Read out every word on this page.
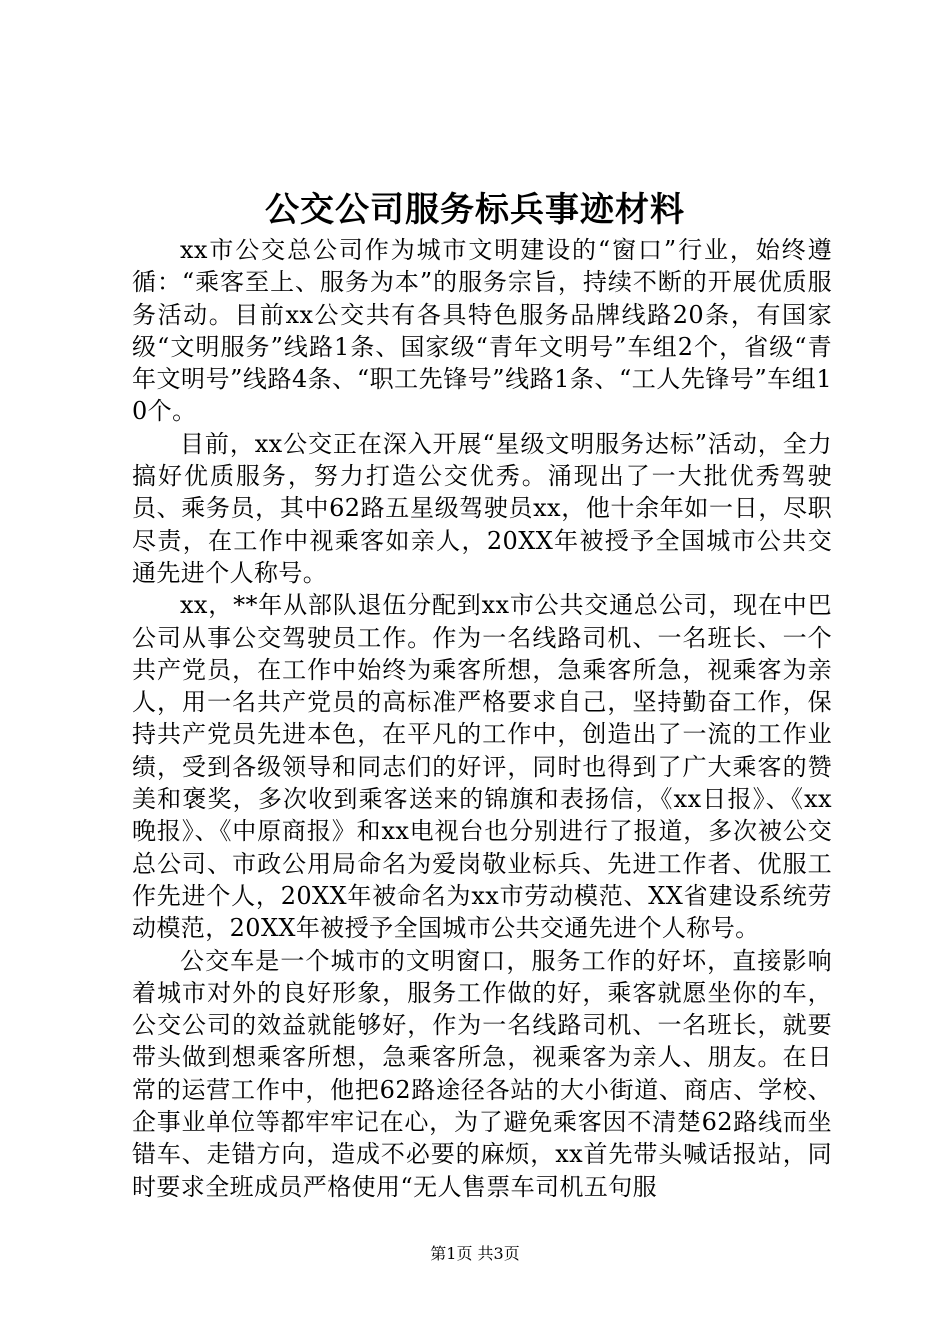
公交公司服务标兵事迹材料

xx市公交总公司作为城市文明建设的“窗口”行业，始终遵循：“乘客至上、服务为本”的服务宗旨，持续不断的开展优质服务活动。目前xx公交共有各具特色服务品牌线路20条，有国家级“文明服务”线路1条、国家级“青年文明号”车组2个，省级“青年文明号”线路4条、“职工先锋号”线路1条、“工人先锋号”车组10个。

目前，xx公交正在深入开展“星级文明服务达标”活动，全力搞好优质服务，努力打造公交优秀。涌现出了一大批优秀驾驶员、乘务员，其中62路五星级驾驶员xx，他十余年如一日，尽职尽责，在工作中视乘客如亲人，20XX年被授予全国城市公共交通先进个人称号。

xx，**年从部队退伍分配到xx市公共交通总公司，现在中巴公司从事公交驾驶员工作。作为一名线路司机、一名班长、一个共产党员，在工作中始终为乘客所想，急乘客所急，视乘客为亲人，用一名共产党员的高标准严格要求自己，坚持勤奋工作，保持共产党员先进本色，在平凡的工作中，创造出了一流的工作业绩，受到各级领导和同志们的好评，同时也得到了广大乘客的赞美和褒奖，多次收到乘客送来的锦旗和表扬信，《xx日报》、《xx晚报》、《中原商报》和xx电视台也分别进行了报道，多次被公交总公司、市政公用局命名为爱岗敬业标兵、先进工作者、优服工作先进个人，20XX年被命名为xx市劳动模范、XX省建设系统劳动模范，20XX年被授予全国城市公共交通先进个人称号。

公交车是一个城市的文明窗口，服务工作的好坏，直接影响着城市对外的良好形象，服务工作做的好，乘客就愿坐你的车，公交公司的效益就能够好，作为一名线路司机、一名班长，就要带头做到想乘客所想，急乘客所急，视乘客为亲人、朋友。在日常的运营工作中，他把62路途径各站的大小街道、商店、学校、企事业单位等都牢牢记在心，为了避免乘客因不清楚62路线而坐错车、走错方向，造成不必要的麻烦，xx首先带头喊话报站，同时要求全班成员严格使用“无人售票车司机五句服

第1页 共3页
